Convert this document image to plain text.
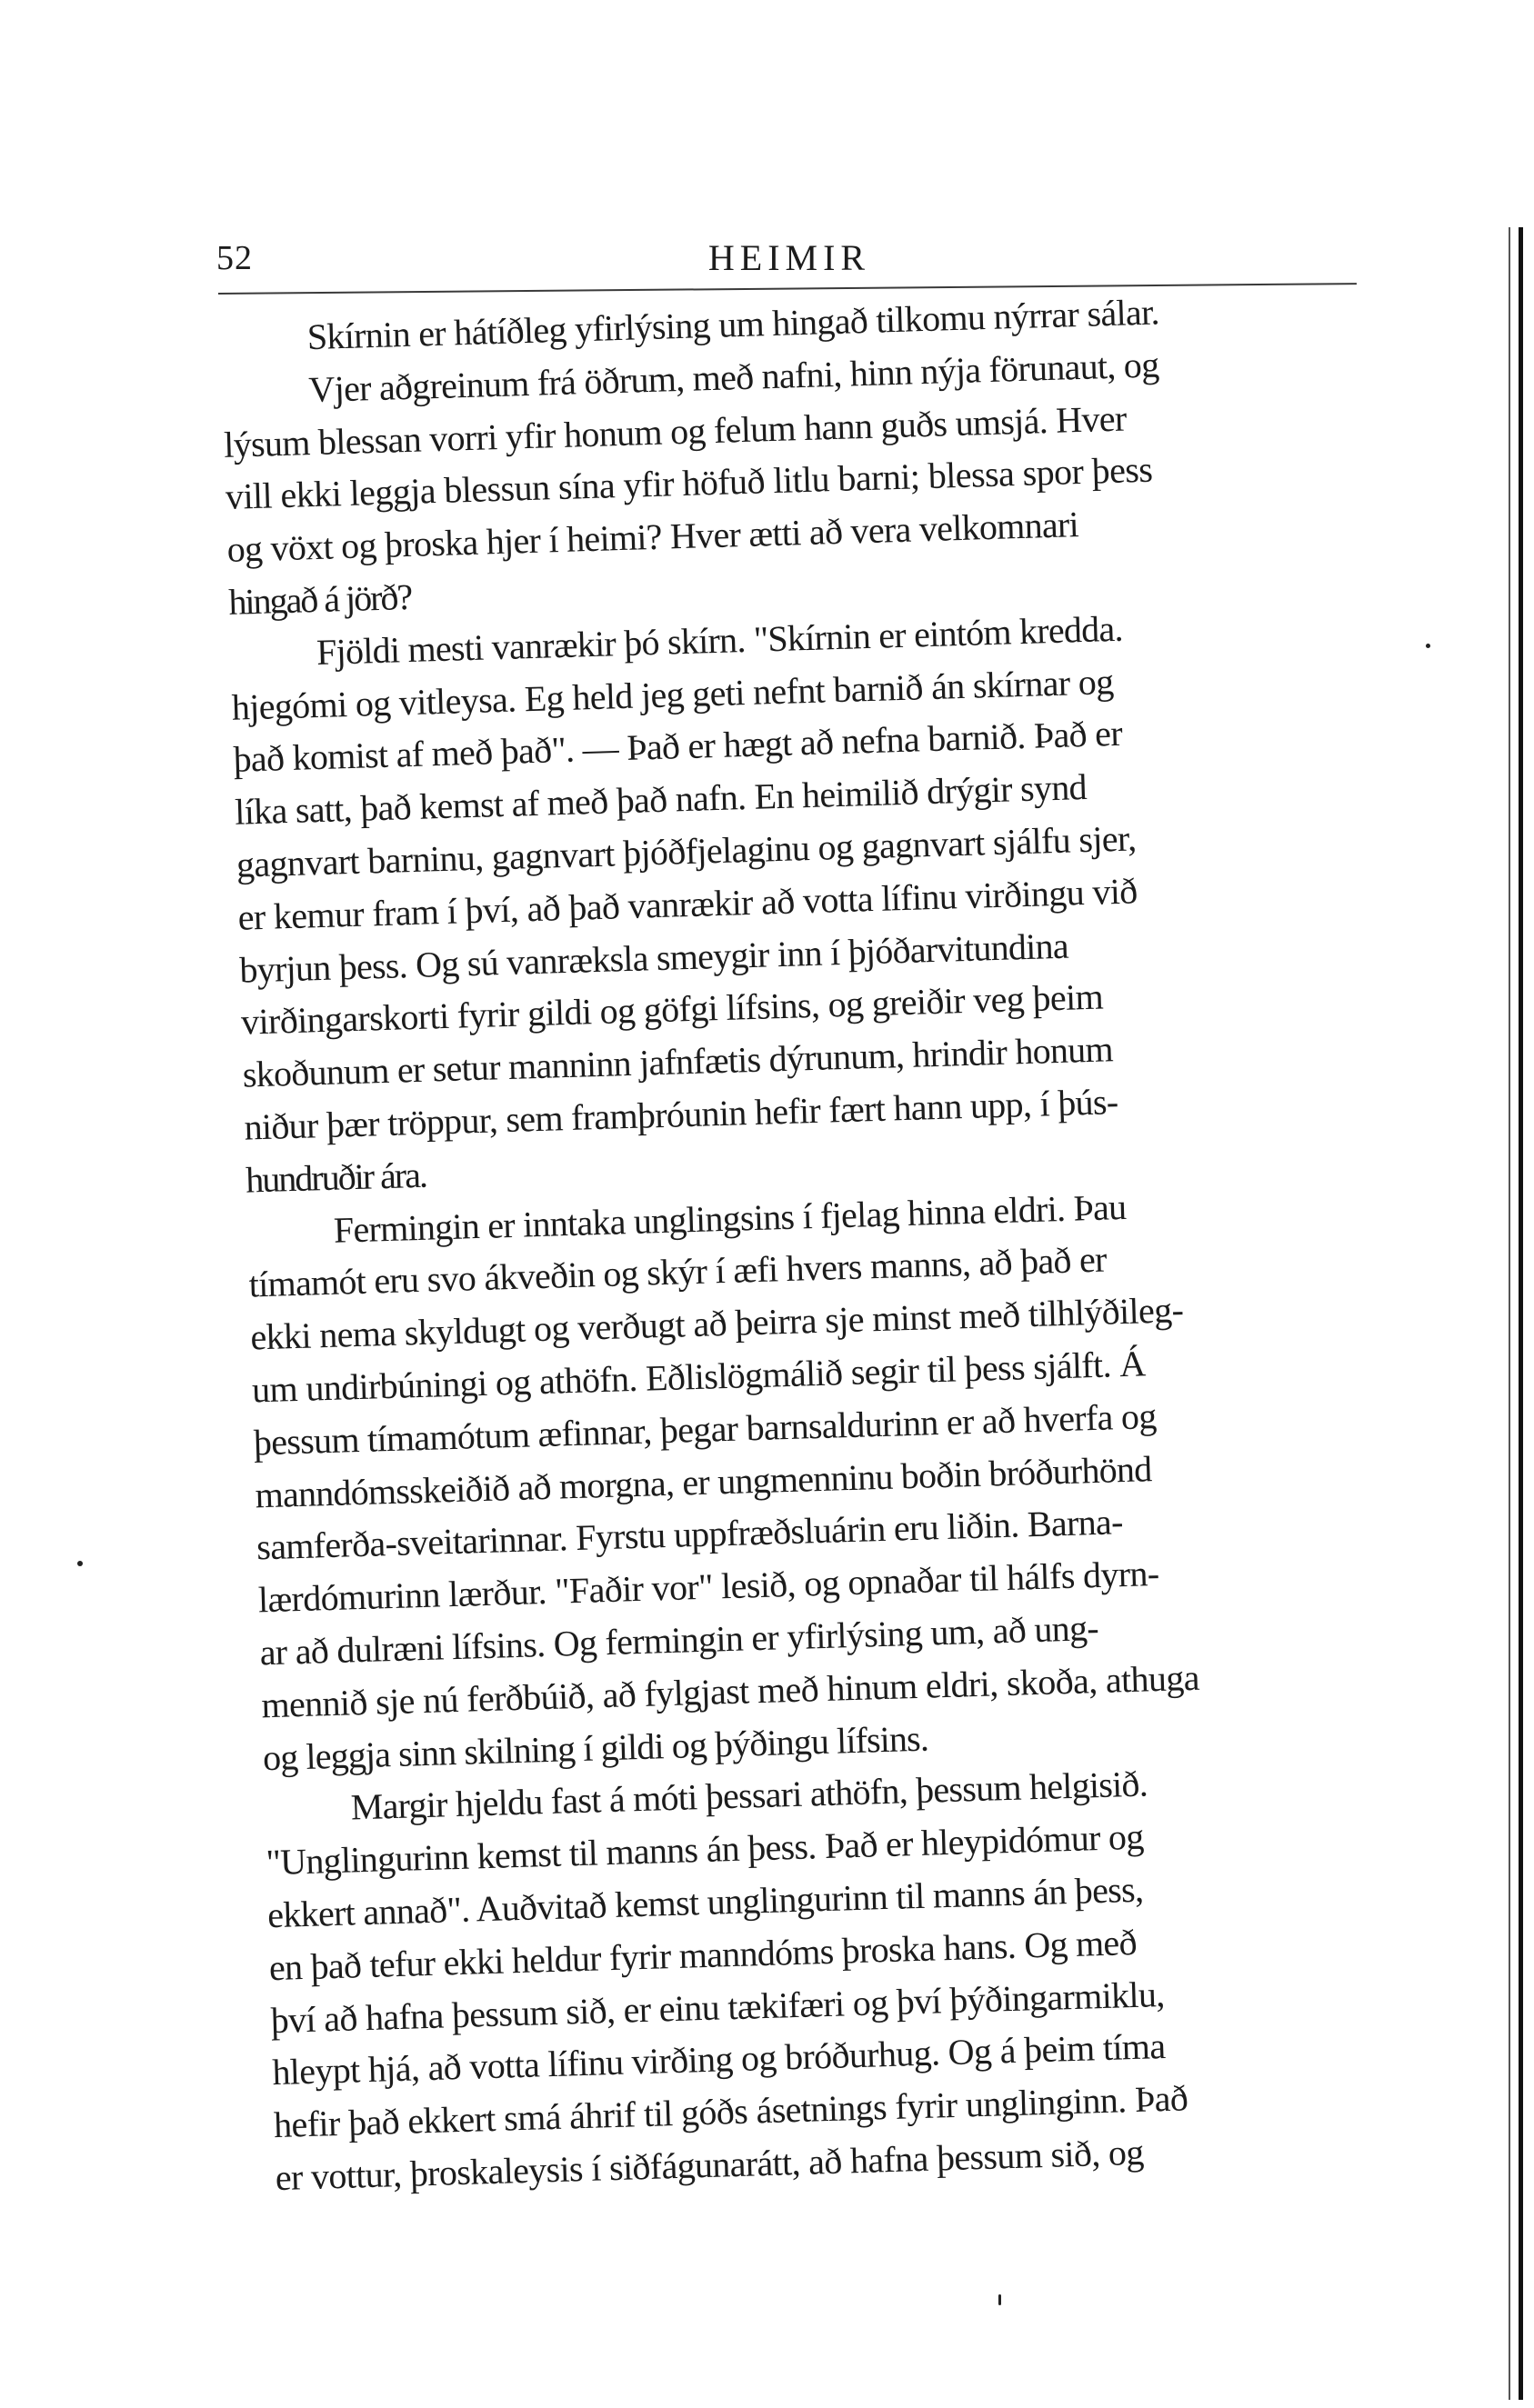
52	HEIMIR
Skírnin er hátíðleg yfirlýsing um hingað tilkomu nýrrar sálar.
Vjer aðgreinum frá öðrum, með nafni, hinn nýja förunaut, og
lýsum blessan vorri yfir honum og felum hann guðs umsjá. Hver
vill ekki leggja blessun sína yfir höfuð litlu barni; blessa spor þess
og vöxt og þroska hjer í heimi? Hver ætti að vera velkomnari
hingað á jörð?
Fjöldi mesti vanrækir þó skírn. "Skírnin er eintóm kredda.
hjegómi og vitleysa. Eg held jeg geti nefnt barnið án skírnar og
það komist af með það". — Það er hægt að nefna barnið. Það er
líka satt, það kemst af með það nafn. En heimilið drýgir synd
gagnvart barninu, gagnvart þjóðfjelaginu og gagnvart sjálfu sjer,
er kemur fram í því, að það vanrækir að votta lífinu virðingu við
byrjun þess. Og sú vanræksla smeygir inn í þjóðarvitundina
virðingarskorti fyrir gildi og göfgi lífsins, og greiðir veg þeim
skoðunum er setur manninn jafnfætis dýrunum, hrindir honum
niður þær tröppur, sem framþróunin hefir fært hann upp, í þús-
hundruðir ára.
Fermingin er inntaka unglingsins í fjelag hinna eldri. Þau
tímamót eru svo ákveðin og skýr í æfi hvers manns, að það er
ekki nema skyldugt og verðugt að þeirra sje minst með tilhlýðileg-
um undirbúningi og athöfn. Eðlislögmálið segir til þess sjálft. Á
þessum tímamótum æfinnar, þegar barnsaldurinn er að hverfa og
manndómsskeiðið að morgna, er ungmenninu boðin bróðurhönd
samferða-sveitarinnar. Fyrstu uppfræðsluárin eru liðin. Barna-
lærdómurinn lærður. "Faðir vor" lesið, og opnaðar til hálfs dyrn-
ar að dulræni lífsins. Og fermingin er yfirlýsing um, að ung-
mennið sje nú ferðbúið, að fylgjast með hinum eldri, skoða, athuga
og leggja sinn skilning í gildi og þýðingu lífsins.
Margir hjeldu fast á móti þessari athöfn, þessum helgisið.
"Unglingurinn kemst til manns án þess. Það er hleypidómur og
ekkert annað". Auðvitað kemst unglingurinn til manns án þess,
en það tefur ekki heldur fyrir manndóms þroska hans. Og með
því að hafna þessum sið, er einu tækifæri og því þýðingarmiklu,
hleypt hjá, að votta lífinu virðing og bróðurhug. Og á þeim tíma
hefir það ekkert smá áhrif til góðs ásetnings fyrir unglinginn. Það
er vottur, þroskaleysis í siðfágunarátt, að hafna þessum sið, og
